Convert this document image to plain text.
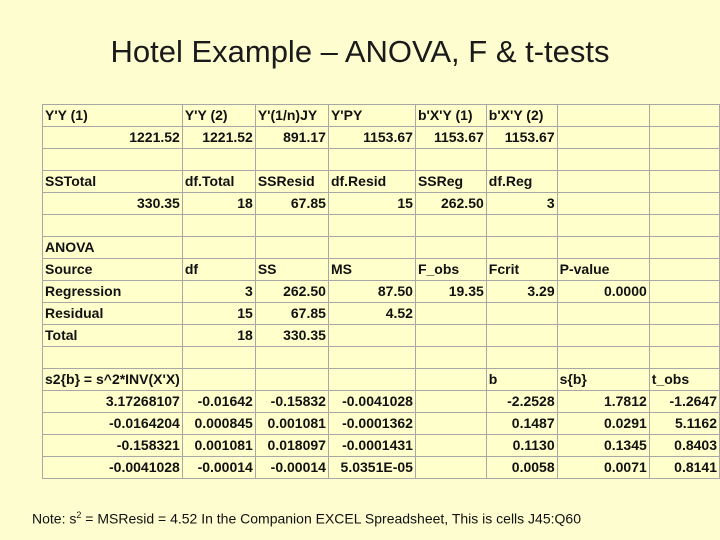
Hotel Example – ANOVA, F & t-tests
Y'Y (1)	Y'Y (2)	Y'(1/n)JY	Y'PY	b'X'Y (1)	b'X'Y (2)		
1221.52	1221.52	891.17	1153.67	1153.67	1153.67		

SSTotal	df.Total	SSResid	df.Resid	SSReg	df.Reg		
330.35	18	67.85	15	262.50	3		

ANOVA							
Source	df	SS	MS	F_obs	Fcrit	P-value	
Regression	3	262.50	87.50	19.35	3.29	0.0000	
Residual	15	67.85	4.52				
Total	18	330.35					

s2{b} = s^2*INV(X'X)					b	s{b}	t_obs
3.17268107	-0.01642	-0.15832	-0.0041028		-2.2528	1.7812	-1.2647
-0.0164204	0.000845	0.001081	-0.0001362		0.1487	0.0291	5.1162
-0.158321	0.001081	0.018097	-0.0001431		0.1130	0.1345	0.8403
-0.0041028	-0.00014	-0.00014	5.0351E-05		0.0058	0.0071	0.8141
Note: $s^2$ = MSResid = 4.52 In the Companion EXCEL Spreadsheet, This is cells J45:Q60
